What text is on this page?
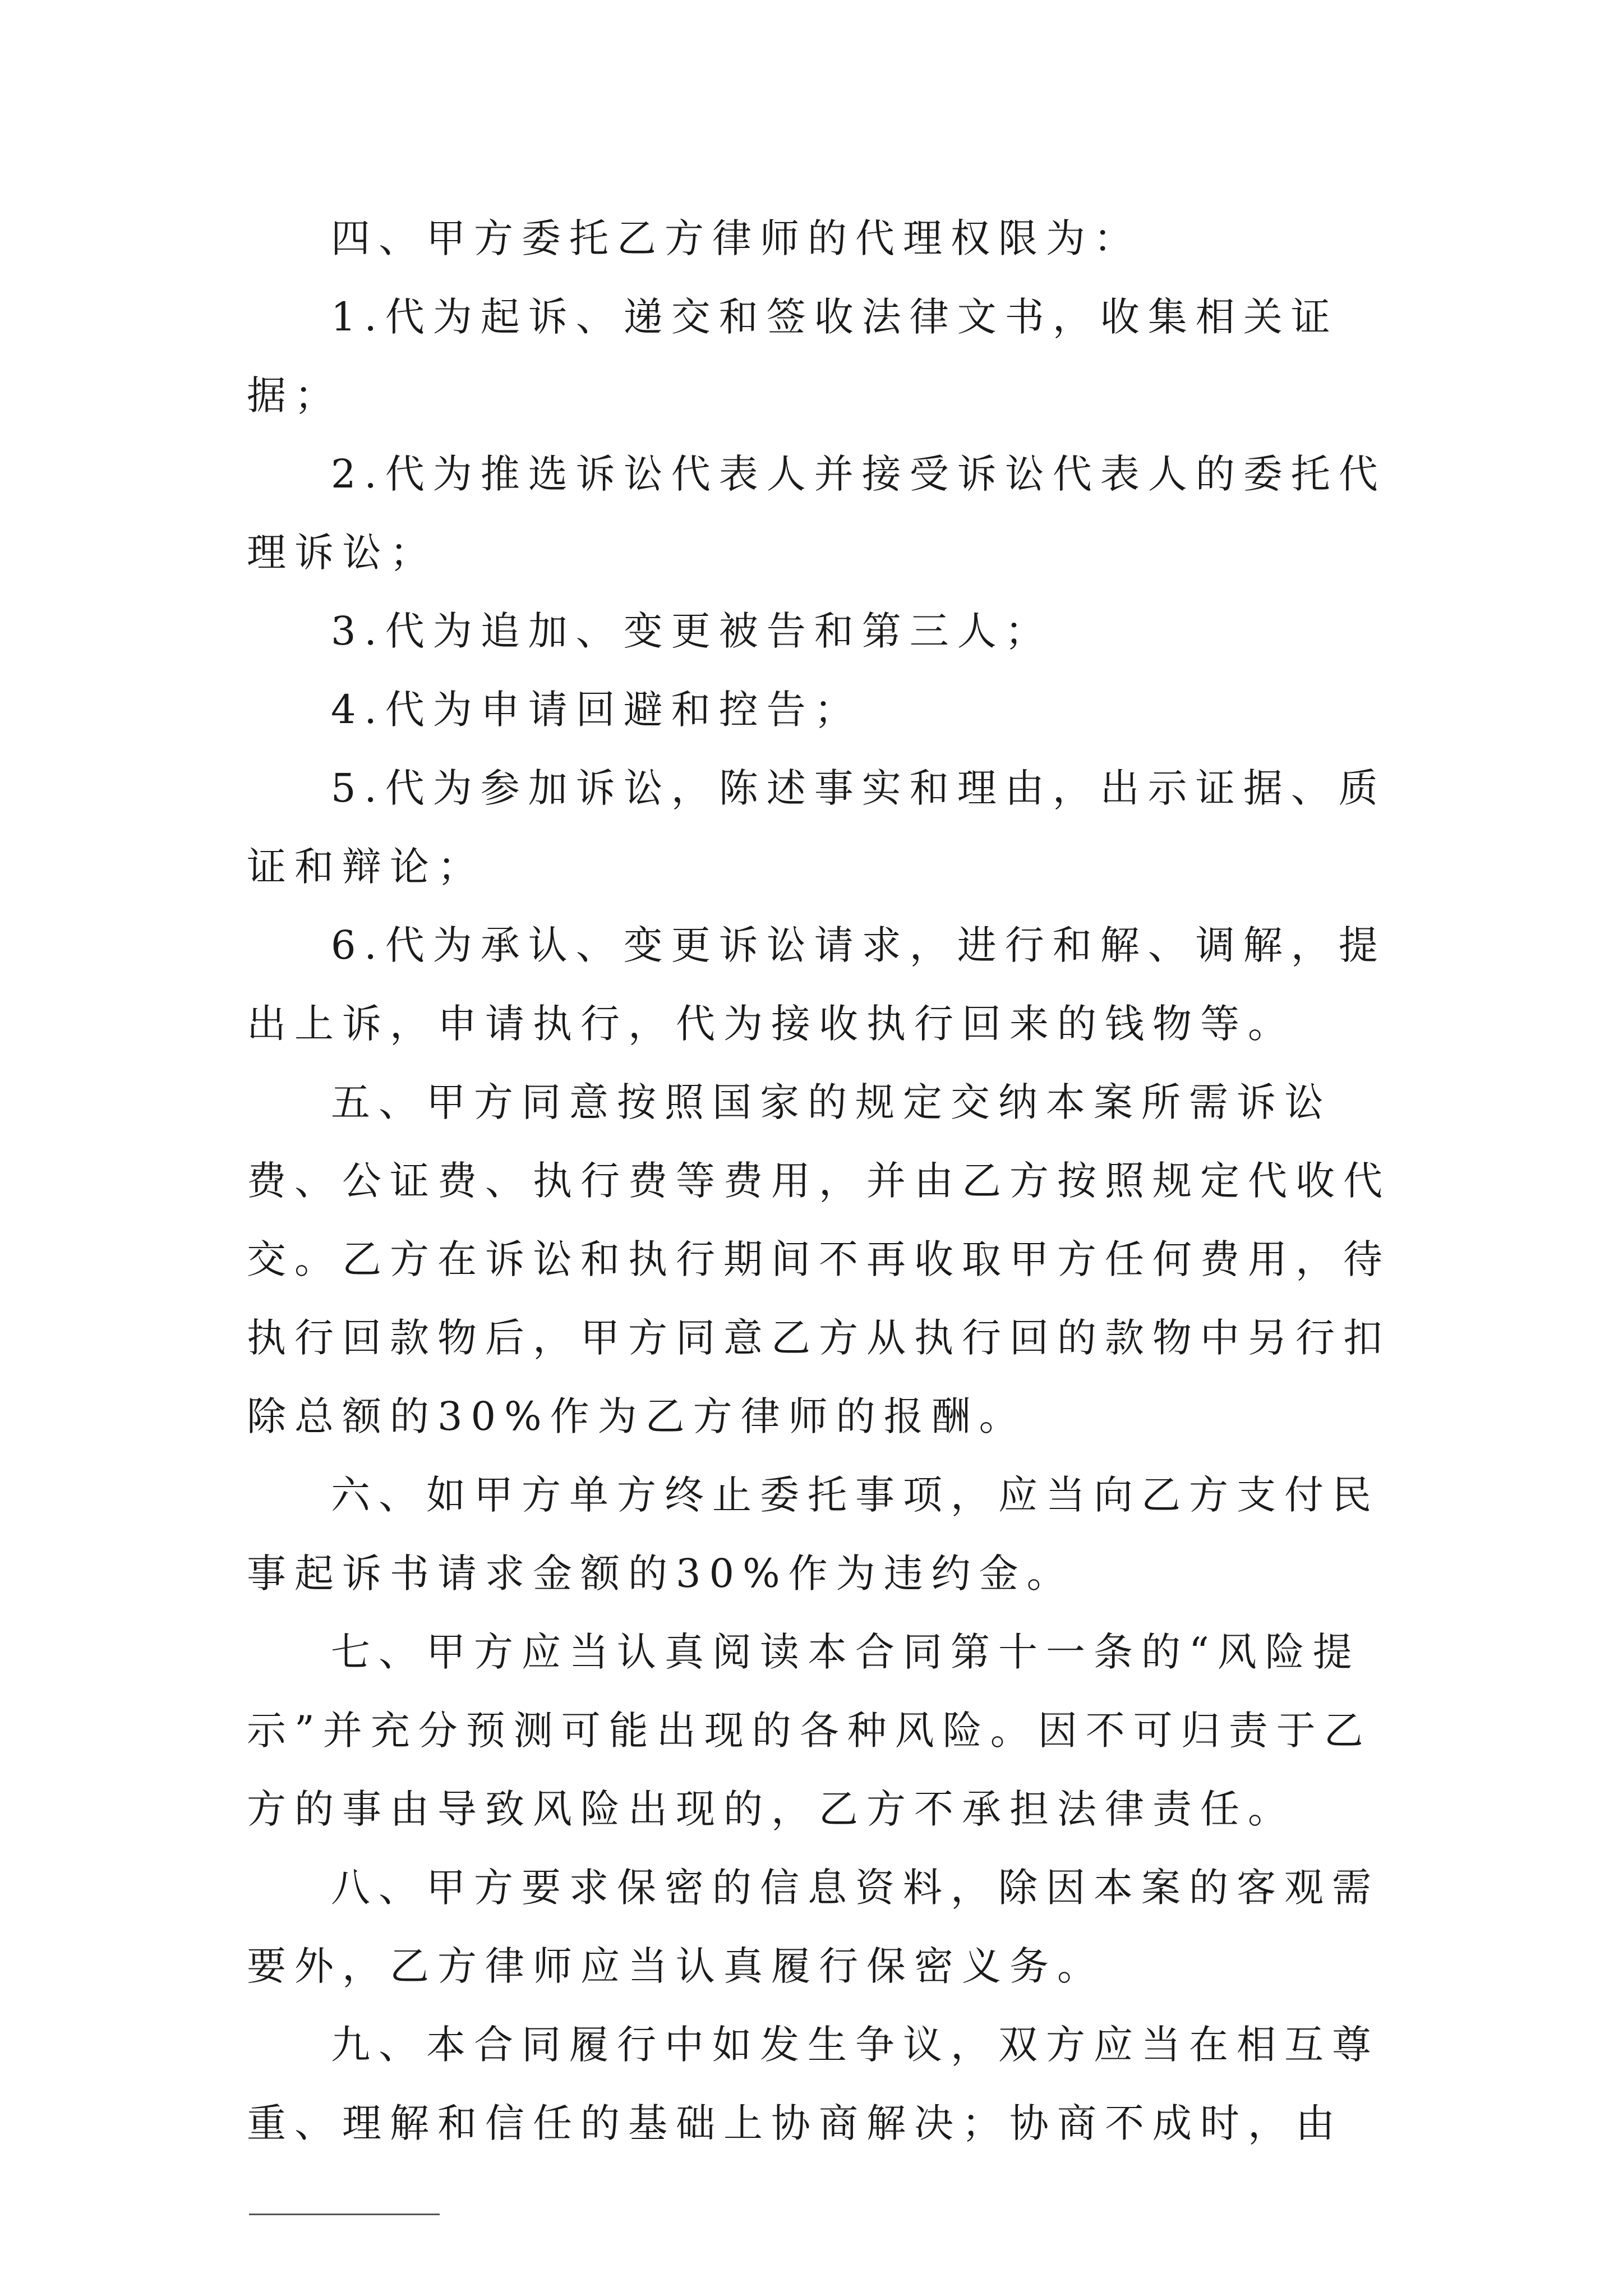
四、甲方委托乙方律师的代理权限为：

1.代为起诉、递交和签收法律文书，收集相关证据；

2.代为推选诉讼代表人并接受诉讼代表人的委托代理诉讼；

3.代为追加、变更被告和第三人；

4.代为申请回避和控告；

5.代为参加诉讼，陈述事实和理由，出示证据、质证和辩论；

6.代为承认、变更诉讼请求，进行和解、调解，提出上诉，申请执行，代为接收执行回来的钱物等。

五、甲方同意按照国家的规定交纳本案所需诉讼费、公证费、执行费等费用，并由乙方按照规定代收代交。乙方在诉讼和执行期间不再收取甲方任何费用，待执行回款物后，甲方同意乙方从执行回的款物中另行扣除总额的30%作为乙方律师的报酬。

六、如甲方单方终止委托事项，应当向乙方支付民事起诉书请求金额的30%作为违约金。

七、甲方应当认真阅读本合同第十一条的“风险提示”并充分预测可能出现的各种风险。因不可归责于乙方的事由导致风险出现的，乙方不承担法律责任。

八、甲方要求保密的信息资料，除因本案的客观需要外，乙方律师应当认真履行保密义务。

九、本合同履行中如发生争议，双方应当在相互尊重、理解和信任的基础上协商解决；协商不成时，由
